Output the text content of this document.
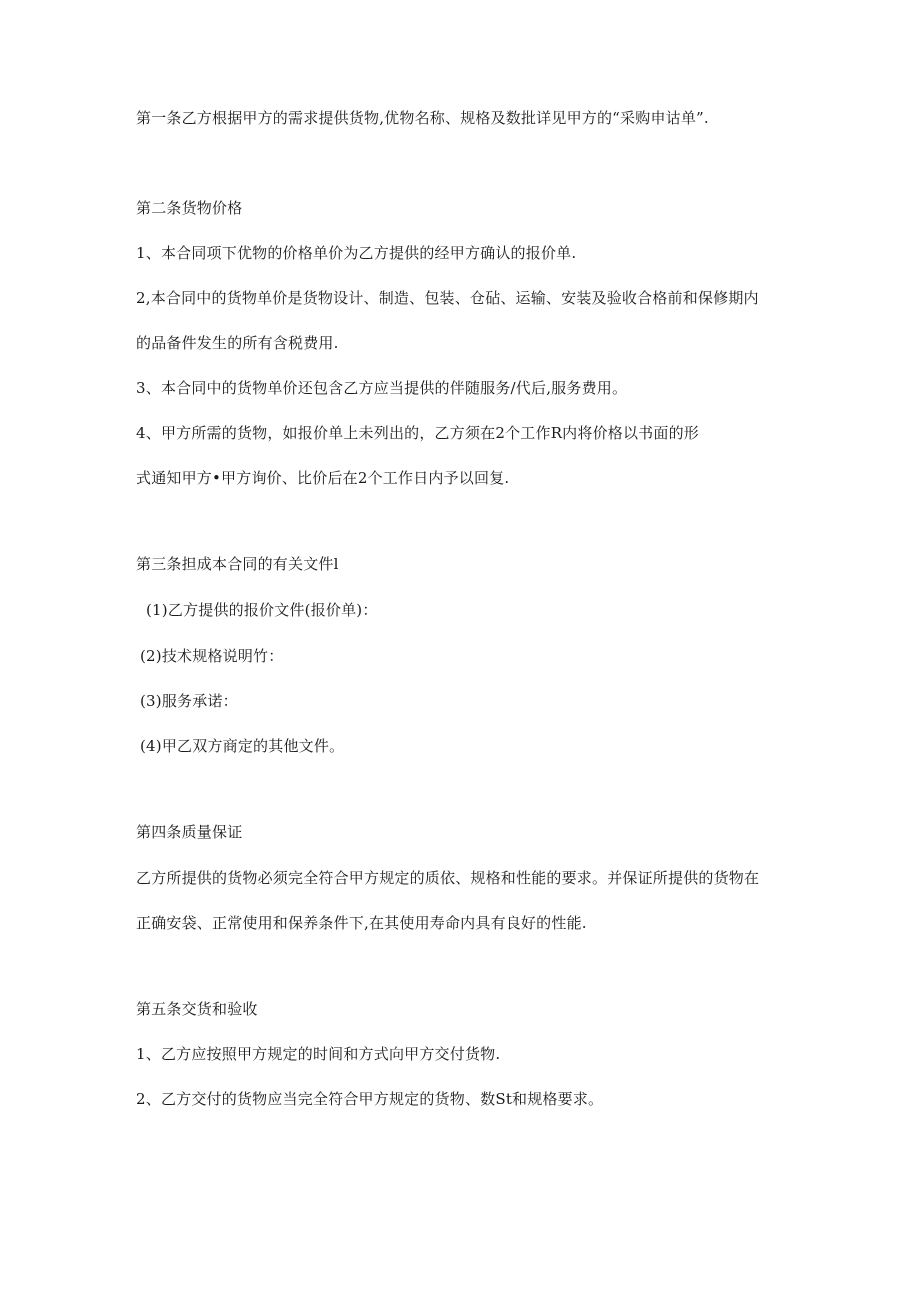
第一条乙方根据甲方的需求提供货物,优物名称、规格及数批详见甲方的“采购申诂单”.
第二条货物价格
1、本合同项下优物的价格单价为乙方提供的经甲方确认的报价单.
2,本合同中的货物单价是货物设计、制造、包装、仓砧、运输、安装及验收合格前和保修期内
的品备件发生的所有含税费用.
3、本合同中的货物单价还包含乙方应当提供的伴随服务/代后,服务费用。
4、甲方所需的货物，如报价单上未列出的，乙方须在2个工作R内将价格以书面的形
式通知甲方•甲方询价、比价后在2个工作日内予以回复.
第三条担成本合同的有关文件l
(1)乙方提供的报价文件(报价单)：
(2)技术规格说明竹：
(3)服务承诺：
(4)甲乙双方商定的其他文件。
第四条质量保证
乙方所提供的货物必须完全符合甲方规定的质依、规格和性能的要求。并保证所提供的货物在
正确安袋、正常使用和保养条件下,在其使用寿命内具有良好的性能.
第五条交货和验收
1、乙方应按照甲方规定的时间和方式向甲方交付货物.
2、乙方交付的货物应当完全符合甲方规定的货物、数St和规格要求。
